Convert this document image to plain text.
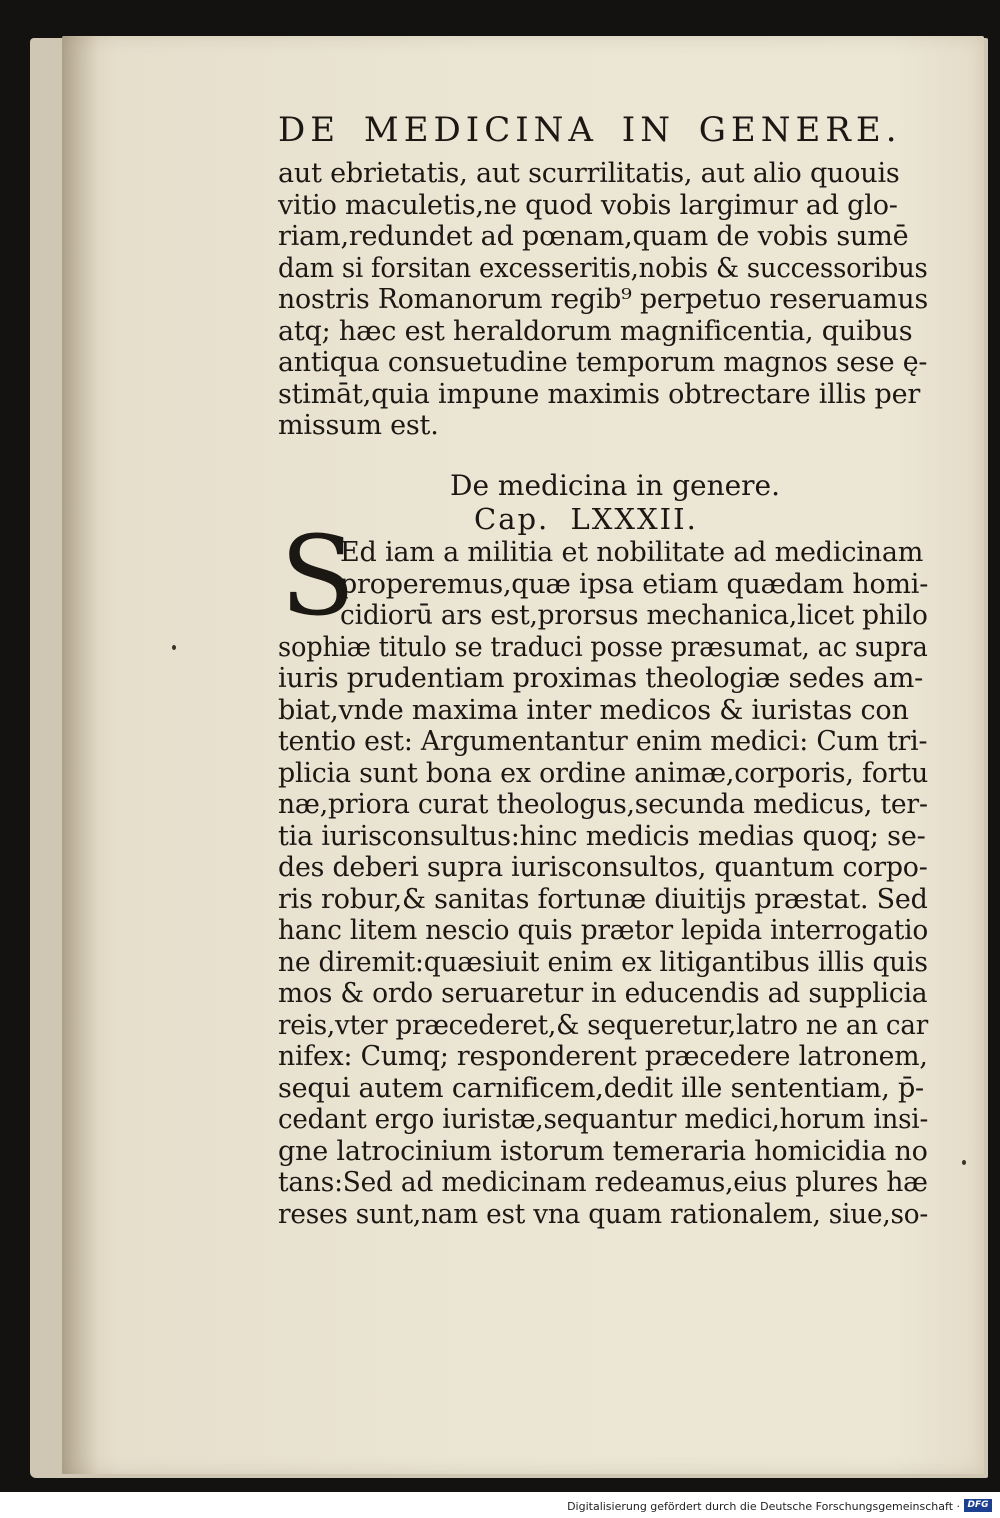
DE MEDICINA IN GENERE.
aut ebrietatis, aut scurrilitatis, aut alio quouis
vitio maculetis,ne quod vobis largimur ad glo-
riam,redundet ad pœnam,quam de vobis sumē
dam si forsitan excesseritis,nobis & successoribus
nostris Romanorum regib⁹ perpetuo reseruamus
atq; hæc est heraldorum magnificentia, quibus
antiqua consuetudine temporum magnos sese ę-
stimāt,quia impune maximis obtrectare illis per
missum est.
De medicina in genere.
Cap. LXXXII.
S
Ed iam a militia et nobilitate ad medicinam
properemus,quæ ipsa etiam quædam homi-
cidiorū ars est,prorsus mechanica,licet philo
sophiæ titulo se traduci posse præsumat, ac supra
iuris prudentiam proximas theologiæ sedes am-
biat,vnde maxima inter medicos & iuristas con
tentio est: Argumentantur enim medici: Cum tri-
plicia sunt bona ex ordine animæ,corporis, fortu
næ,priora curat theologus,secunda medicus, ter-
tia iurisconsultus:hinc medicis medias quoq; se-
des deberi supra iurisconsultos, quantum corpo-
ris robur,& sanitas fortunæ diuitijs præstat. Sed
hanc litem nescio quis prætor lepida interrogatio
ne diremit:quæsiuit enim ex litigantibus illis quis
mos & ordo seruaretur in educendis ad supplicia
reis,vter præcederet,& sequeretur,latro ne an car
nifex: Cumq; responderent præcedere latronem,
sequi autem carnificem,dedit ille sententiam, p̄-
cedant ergo iuristæ,sequantur medici,horum insi-
gne latrocinium istorum temeraria homicidia no
tans:Sed ad medicinam redeamus,eius plures hæ
reses sunt,nam est vna quam rationalem, siue,so-
Digitalisierung gefördert durch die Deutsche Forschungsgemeinschaft · DFG
